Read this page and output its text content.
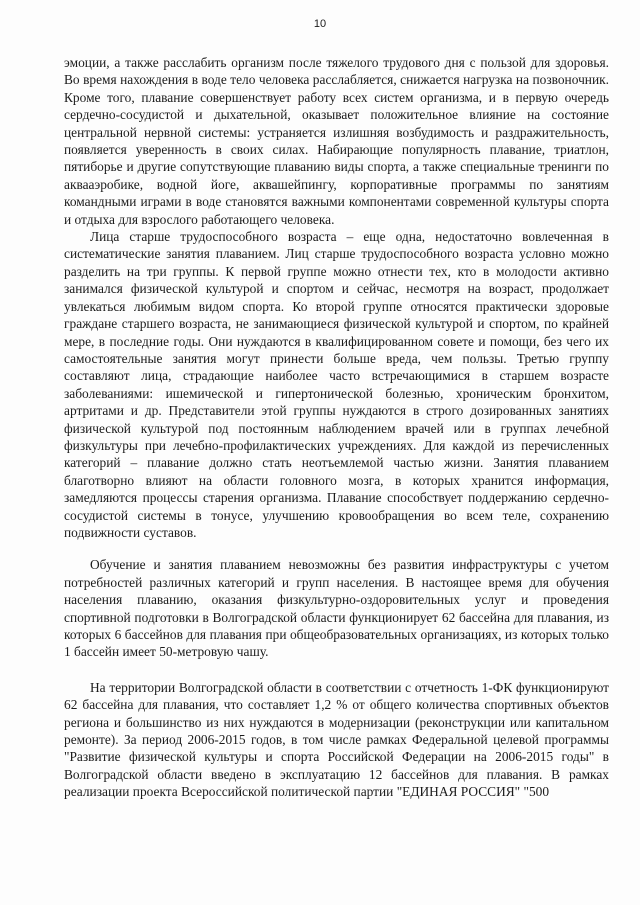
10

эмоции, а также расслабить организм после тяжелого трудового дня с пользой для здоровья. Во время нахождения в воде тело человека расслабляется, снижается нагрузка на позвоночник. Кроме того, плавание совершенствует работу всех систем организма, и в первую очередь сердечно-сосудистой и дыхательной, оказывает положительное влияние на состояние центральной нервной системы: устраняется излишняя возбудимость и раздражительность, появляется уверенность в своих силах. Набирающие популярность плавание, триатлон, пятиборье и другие сопутствующие плаванию виды спорта, а также специальные тренинги по аквааэробике, водной йоге, аквашейпингу, корпоративные программы по занятиям командными играми в воде становятся важными компонентами современной культуры спорта и отдыха для взрослого работающего человека.

Лица старше трудоспособного возраста – еще одна, недостаточно вовлеченная в систематические занятия плаванием. Лиц старше трудоспособного возраста условно можно разделить на три группы. К первой группе можно отнести тех, кто в молодости активно занимался физической культурой и спортом и сейчас, несмотря на возраст, продолжает увлекаться любимым видом спорта. Ко второй группе относятся практически здоровые граждане старшего возраста, не занимающиеся физической культурой и спортом, по крайней мере, в последние годы. Они нуждаются в квалифицированном совете и помощи, без чего их самостоятельные занятия могут принести больше вреда, чем пользы. Третью группу составляют лица, страдающие наиболее часто встречающимися в старшем возрасте заболеваниями: ишемической и гипертонической болезнью, хроническим бронхитом, артритами и др. Представители этой группы нуждаются в строго дозированных занятиях физической культурой под постоянным наблюдением врачей или в группах лечебной физкультуры при лечебно-профилактических учреждениях. Для каждой из перечисленных категорий – плавание должно стать неотъемлемой частью жизни. Занятия плаванием благотворно влияют на области головного мозга, в которых хранится информация, замедляются процессы старения организма. Плавание способствует поддержанию сердечно-сосудистой системы в тонусе, улучшению кровообращения во всем теле, сохранению подвижности суставов.

Обучение и занятия плаванием невозможны без развития инфраструктуры с учетом потребностей различных категорий и групп населения. В настоящее время для обучения населения плаванию, оказания физкультурно-оздоровительных услуг и проведения спортивной подготовки в Волгоградской области функционирует 62 бассейна для плавания, из которых 6 бассейнов для плавания при общеобразовательных организациях, из которых только 1 бассейн имеет 50-метровую чашу.

На территории Волгоградской области в соответствии с отчетность 1-ФК функционируют 62 бассейна для плавания, что составляет 1,2 % от общего количества спортивных объектов региона и большинство из них нуждаются в модернизации (реконструкции или капитальном ремонте). За период 2006-2015 годов, в том числе рамках Федеральной целевой программы "Развитие физической культуры и спорта Российской Федерации на 2006-2015 годы" в Волгоградской области введено в эксплуатацию 12 бассейнов для плавания. В рамках реализации проекта Всероссийской политической партии "ЕДИНАЯ РОССИЯ" "500
